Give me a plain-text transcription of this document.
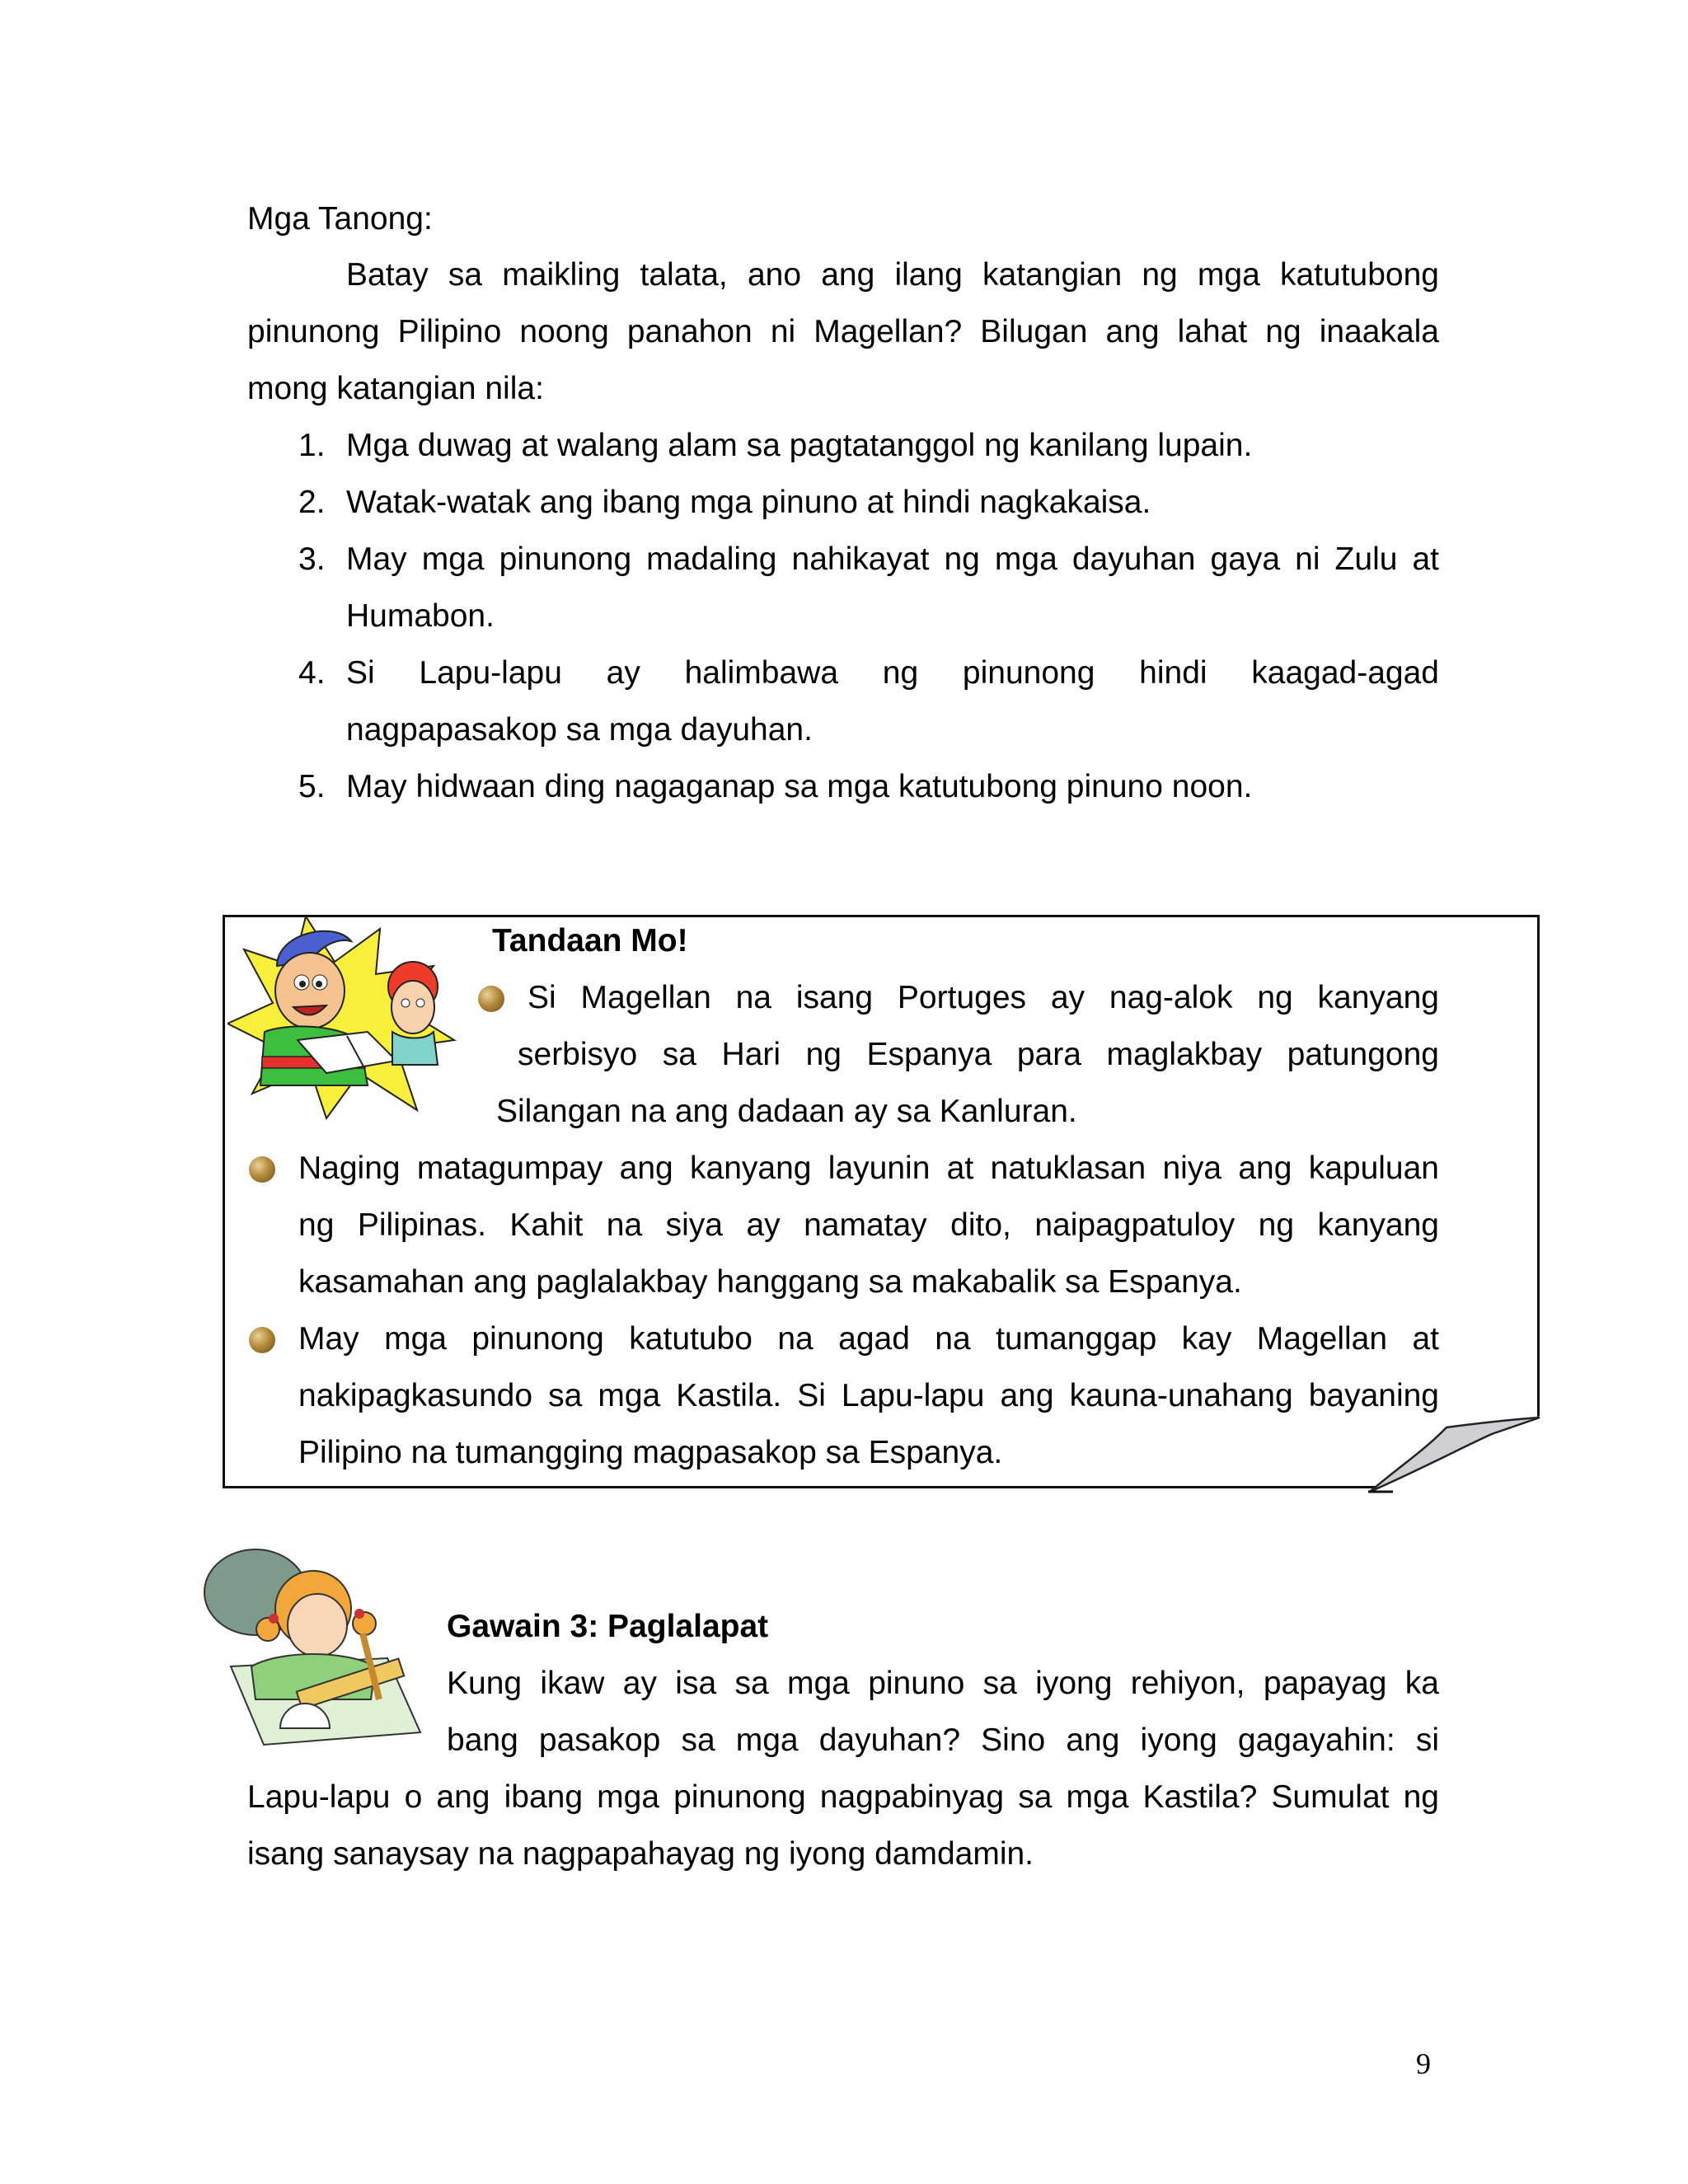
Mga Tanong:
Batay sa maikling talata, ano ang ilang katangian ng mga katutubong
pinunong Pilipino noong panahon ni Magellan? Bilugan ang lahat ng inaakala
mong katangian nila:
1. Mga duwag at walang alam sa pagtatanggol ng kanilang lupain.
2. Watak-watak ang ibang mga pinuno at hindi nagkakaisa.
3. May mga pinunong madaling nahikayat ng mga dayuhan gaya ni Zulu at
Humabon.
4. Si Lapu-lapu ay halimbawa ng pinunong hindi kaagad-agad
nagpapasakop sa mga dayuhan.
5. May hidwaan ding nagaganap sa mga katutubong pinuno noon.
Tandaan Mo!
Si Magellan na isang Portuges ay nag-alok ng kanyang
serbisyo sa Hari ng Espanya para maglakbay patungong
Silangan na ang dadaan ay sa Kanluran.
Naging matagumpay ang kanyang layunin at natuklasan niya ang kapuluan
ng Pilipinas. Kahit na siya ay namatay dito, naipagpatuloy ng kanyang
kasamahan ang paglalakbay hanggang sa makabalik sa Espanya.
May mga pinunong katutubo na agad na tumanggap kay Magellan at
nakipagkasundo sa mga Kastila. Si Lapu-lapu ang kauna-unahang bayaning
Pilipino na tumangging magpasakop sa Espanya.
Gawain 3: Paglalapat
Kung ikaw ay isa sa mga pinuno sa iyong rehiyon, papayag ka
bang pasakop sa mga dayuhan? Sino ang iyong gagayahin: si
Lapu-lapu o ang ibang mga pinunong nagpabinyag sa mga Kastila? Sumulat ng
isang sanaysay na nagpapahayag ng iyong damdamin.
9
